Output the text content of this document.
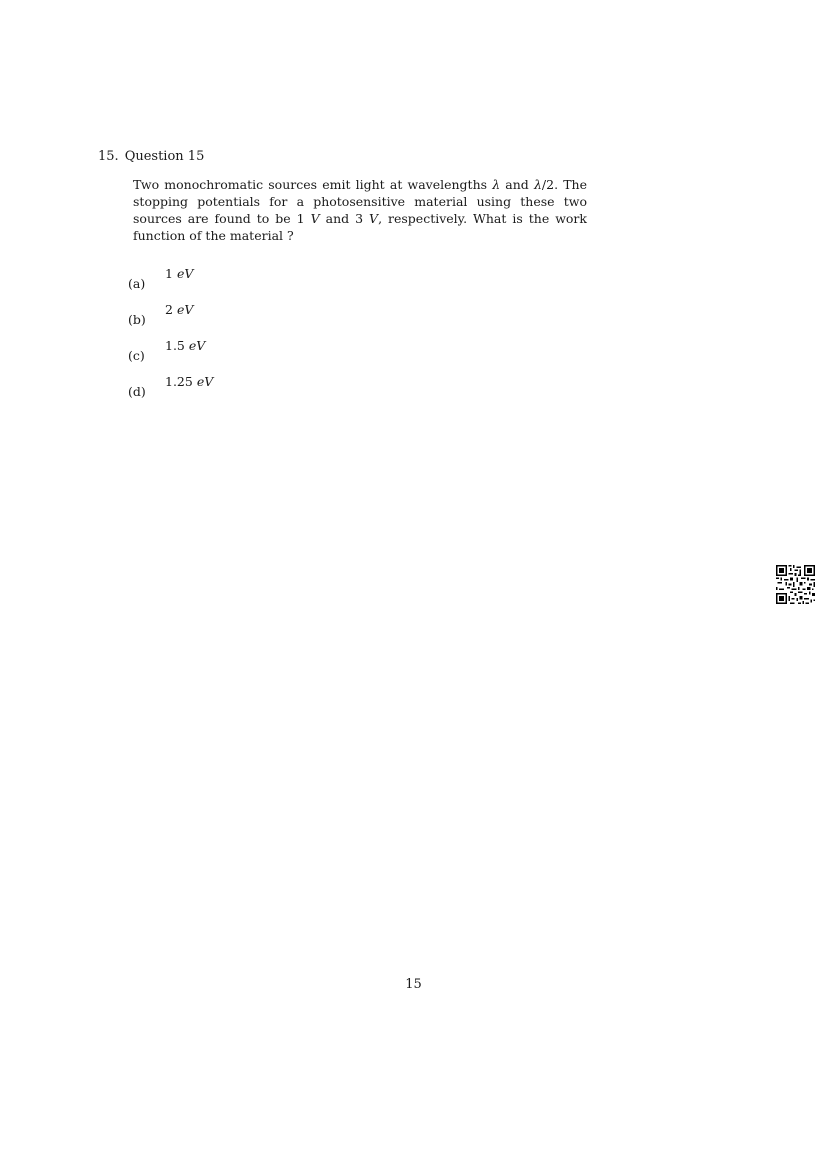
15. Question 15
Two monochromatic sources emit light at wavelengths λ and λ/2. The stopping potentials for a photosensitive material using these two sources are found to be 1 V and 3 V, respectively. What is the work function of the material ?
(a)
1 eV
(b)
2 eV
(c)
1.5 eV
(d)
1.25 eV
15
